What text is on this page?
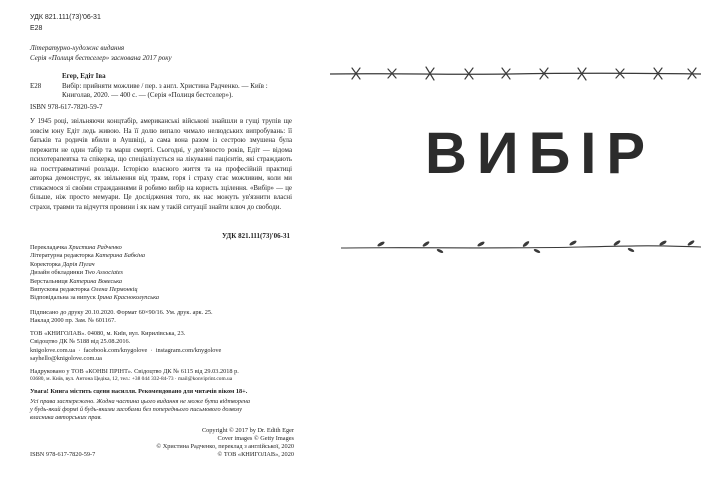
УДК 821.111(73)'06-31
Е28
Літературно-художнє видання
Серія «Полиця бестселер» заснована 2017 року
Егер, Едіт Іва
Е28	Вибір: прийняти можливе / пер. з англ. Христина Радченко. — Київ :
Книголав, 2020. — 400 с. — (Серія «Полиця бестселер»).
ISBN 978-617-7820-59-7

У 1945 році, звільняючи концтабір, американські військові знайшли в гущі трупів ще зовсім юну Едіт ледь живою. На її долю випало чимало нелюдських випробувань: її батьків та родичів вбили в Аушвіці, а сама вона разом із сестрою змушена була пережити не один табір та марш смерті. Сьогодні, у дев'яносто років, Едіт — відома психотерапевтка та спікерка, що спеціалізується на лікуванні пацієнтів, які страждають на посттравматичні розлади. Історією власного життя та на професійній практиці авторка демонструє, як звільнення від травм, горя і страху стає можливим, коли ми стикаємося зі своїми стражданнями й робимо вибір на користь зцілення. «Вибір» — це більше, ніж просто мемуари. Це дослідження того, як нас можуть ув'язнити власні страхи, травми та відчуття провини і як нам у такій ситуації знайти ключ до свободи.

УДК 821.111(73)'06-31
Перекладачка Христина Радченко
Літературна редакторка Катерина Бабкіна
Коректорка Дарія Пугач
Дизайн обкладинки Two Associates
Верстальниця Катерина Вовеська
Випускова редакторка Олена Пермонкіц
Відповідальна за випуск Ірина Красноколупська
Підписано до друку 20.10.2020. Формат 60×90/16. Ум. друк. арк. 25.
Наклад 2000 пр. Зам. № 601167.
ТОВ «КНИГОЛАВ». 04080, м. Київ, вул. Кирилівська, 23.
Свідоцтво ДК № 5188 від 25.08.2016.
knigolove.com.ua  ·  facebook.com/knygolove  ·  instagram.com/knygolove
sayhello@knigolove.com.ua
Надруковано у ТОВ «КОНВІ ПРІНТ». Свідоцтво ДК № 6115 від 29.03.2018 р.
03680, м. Київ, вул. Антона Цедіка, 12, тел.: +38 044 332-84-73 · mail@konviprint.com.ua
Увага! Книга містить сцени насилля. Рекомендовано для читачів віком 18+.
Усі права застережено. Жодна частина цього видання не може бути відтворена
у будь-який формі й будь-якими засобами без попереднього письмового дозволу
власника авторських прав.
Copyright © 2017 by Dr. Edith Eger
Cover images © Getty Images
© Христина Радченко, переклад з англійської, 2020
ISBN 978-617-7820-59-7	© ТОВ «КНИГОЛАВ», 2020
ВИБІР
